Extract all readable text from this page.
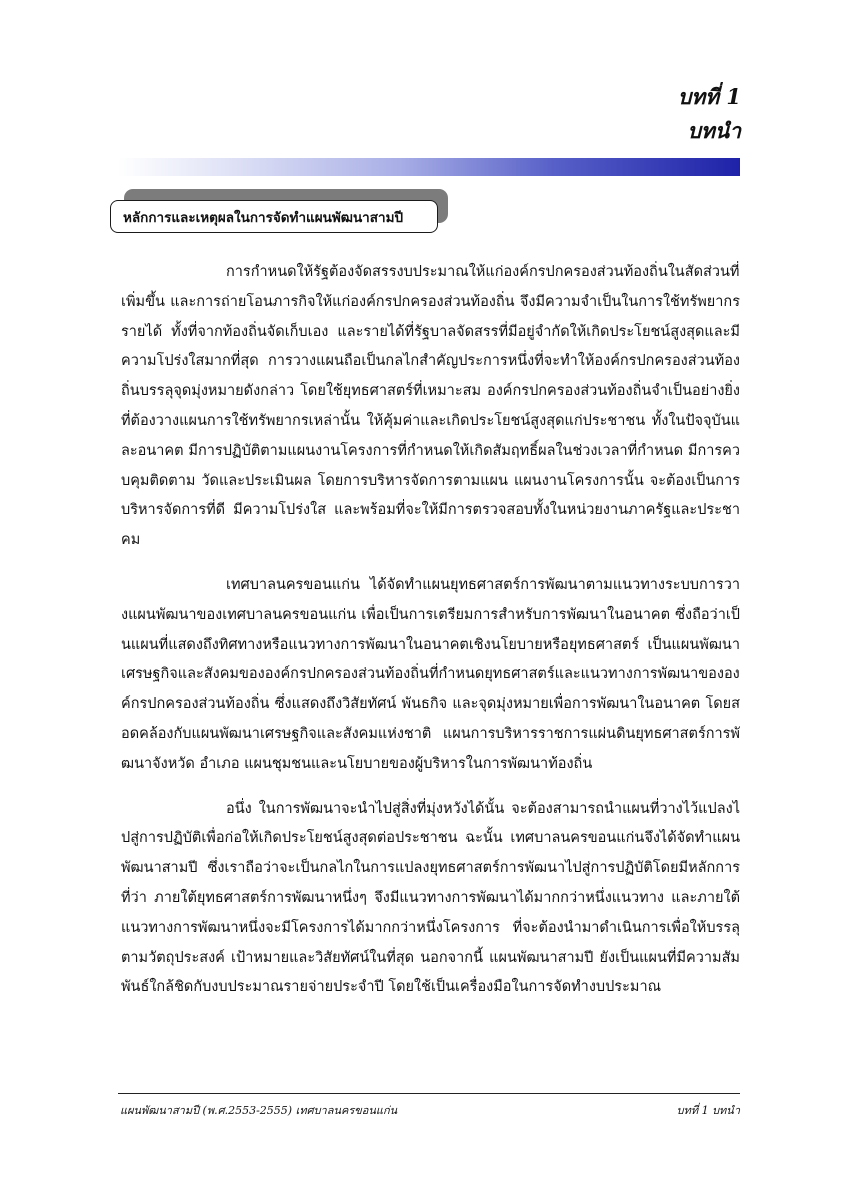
บทที่ 1
บทนำ
หลักการและเหตุผลในการจัดทำแผนพัฒนาสามปี

การกำหนดให้รัฐต้องจัดสรรงบประมาณให้แก่องค์กรปกครองส่วนท้องถิ่นในสัดส่วนที่เพิ่มขึ้น และการถ่ายโอนภารกิจให้แก่องค์กรปกครองส่วนท้องถิ่น จึงมีความจำเป็นในการใช้ทรัพยากรรายได้ ทั้งที่จากท้องถิ่นจัดเก็บเอง และรายได้ที่รัฐบาลจัดสรรที่มีอยู่จำกัดให้เกิดประโยชน์สูงสุดและมีความโปร่งใสมากที่สุด การวางแผนถือเป็นกลไกสำคัญประการหนึ่งที่จะทำให้องค์กรปกครองส่วนท้องถิ่นบรรลุจุดมุ่งหมายดังกล่าว โดยใช้ยุทธศาสตร์ที่เหมาะสม องค์กรปกครองส่วนท้องถิ่นจำเป็นอย่างยิ่งที่ต้องวางแผนการใช้ทรัพยากรเหล่านั้น ให้คุ้มค่าและเกิดประโยชน์สูงสุดแก่ประชาชน ทั้งในปัจจุบันและอนาคต มีการปฏิบัติตามแผนงานโครงการที่กำหนดให้เกิดสัมฤทธิ์ผลในช่วงเวลาที่กำหนด มีการควบคุมติดตาม วัดและประเมินผล โดยการบริหารจัดการตามแผน แผนงานโครงการนั้น จะต้องเป็นการบริหารจัดการที่ดี มีความโปร่งใส และพร้อมที่จะให้มีการตรวจสอบทั้งในหน่วยงานภาครัฐและประชาคม

เทศบาลนครขอนแก่น ได้จัดทำแผนยุทธศาสตร์การพัฒนาตามแนวทางระบบการวางแผนพัฒนาของเทศบาลนครขอนแก่น เพื่อเป็นการเตรียมการสำหรับการพัฒนาในอนาคต ซึ่งถือว่าเป็นแผนที่แสดงถึงทิศทางหรือแนวทางการพัฒนาในอนาคตเชิงนโยบายหรือยุทธศาสตร์ เป็นแผนพัฒนาเศรษฐกิจและสังคมขององค์กรปกครองส่วนท้องถิ่นที่กำหนดยุทธศาสตร์และแนวทางการพัฒนาขององค์กรปกครองส่วนท้องถิ่น ซึ่งแสดงถึงวิสัยทัศน์ พันธกิจ และจุดมุ่งหมายเพื่อการพัฒนาในอนาคต โดยสอดคล้องกับแผนพัฒนาเศรษฐกิจและสังคมแห่งชาติ แผนการบริหารราชการแผ่นดินยุทธศาสตร์การพัฒนาจังหวัด อำเภอ แผนชุมชนและนโยบายของผู้บริหารในการพัฒนาท้องถิ่น

อนึ่ง ในการพัฒนาจะนำไปสู่สิ่งที่มุ่งหวังได้นั้น จะต้องสามารถนำแผนที่วางไว้แปลงไปสู่การปฏิบัติเพื่อก่อให้เกิดประโยชน์สูงสุดต่อประชาชน ฉะนั้น เทศบาลนครขอนแก่นจึงได้จัดทำแผนพัฒนาสามปี ซึ่งเราถือว่าจะเป็นกลไกในการแปลงยุทธศาสตร์การพัฒนาไปสู่การปฏิบัติโดยมีหลักการที่ว่า ภายใต้ยุทธศาสตร์การพัฒนาหนึ่งๆ จึงมีแนวทางการพัฒนาได้มากกว่าหนึ่งแนวทาง และภายใต้แนวทางการพัฒนาหนึ่งจะมีโครงการได้มากกว่าหนึ่งโครงการ ที่จะต้องนำมาดำเนินการเพื่อให้บรรลุตามวัตถุประสงค์ เป้าหมายและวิสัยทัศน์ในที่สุด นอกจากนี้ แผนพัฒนาสามปี ยังเป็นแผนที่มีความสัมพันธ์ใกล้ชิดกับงบประมาณรายจ่ายประจำปี โดยใช้เป็นเครื่องมือในการจัดทำงบประมาณ

แผนพัฒนาสามปี (พ.ศ.2553-2555) เทศบาลนครขอนแก่น	บทที่ 1 บทนำ
